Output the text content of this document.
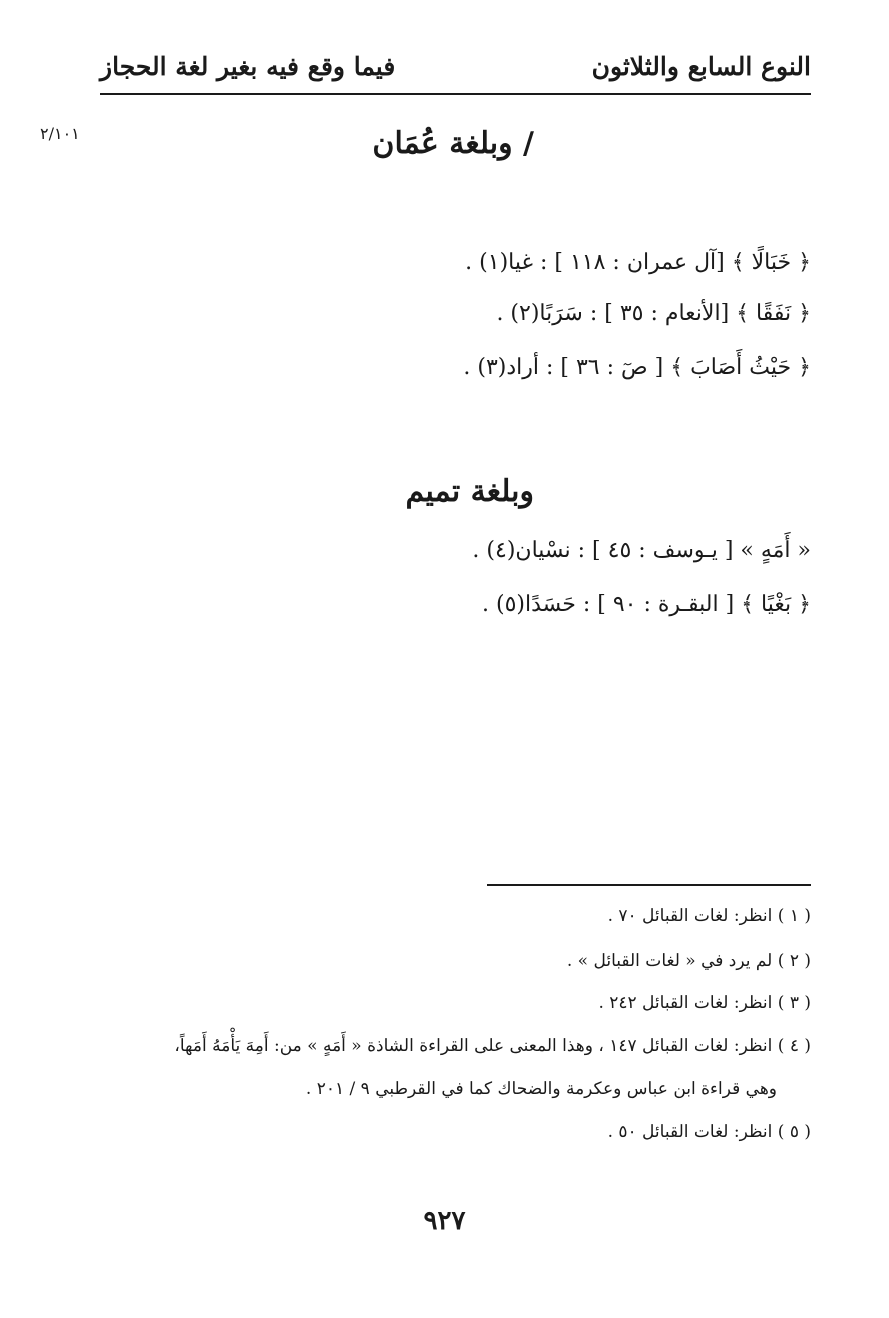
النوع السابع والثلاثون
فيما وقع فيه بغير لغة الحجاز
٢/١٠١	/ وبلغة عُمَان
﴿ خَبَالًا ﴾ [آل عمران : ١١٨ ] : غيا(١) .
﴿ نَفَقًا ﴾ [الأنعام : ٣٥ ] : سَرَبًا(٢) .
﴿ حَيْثُ أَصَابَ ﴾ [ صٓ : ٣٦ ] : أراد(٣) .
وبلغة تميم
« أَمَهٍ » [ يـوسف : ٤٥ ] : نسْيان(٤) .
﴿ بَغْيًا ﴾ [ البقـرة : ٩٠ ] : حَسَدًا(٥) .
( ١ ) انظر: لغات القبائل ٧٠ .
( ٢ ) لم يرد في « لغات القبائل » .
( ٣ ) انظر: لغات القبائل ٢٤٢ .
( ٤ ) انظر: لغات القبائل ١٤٧ ، وهذا المعنى على القراءة الشاذة « أَمَهٍ » من: أَمِهَ يَأْمَهُ أَمَهاً،
وهي قراءة ابن عباس وعكرمة والضحاك كما في القرطبي ٩ / ٢٠١ .
( ٥ ) انظر: لغات القبائل ٥٠ .
٩٢٧
